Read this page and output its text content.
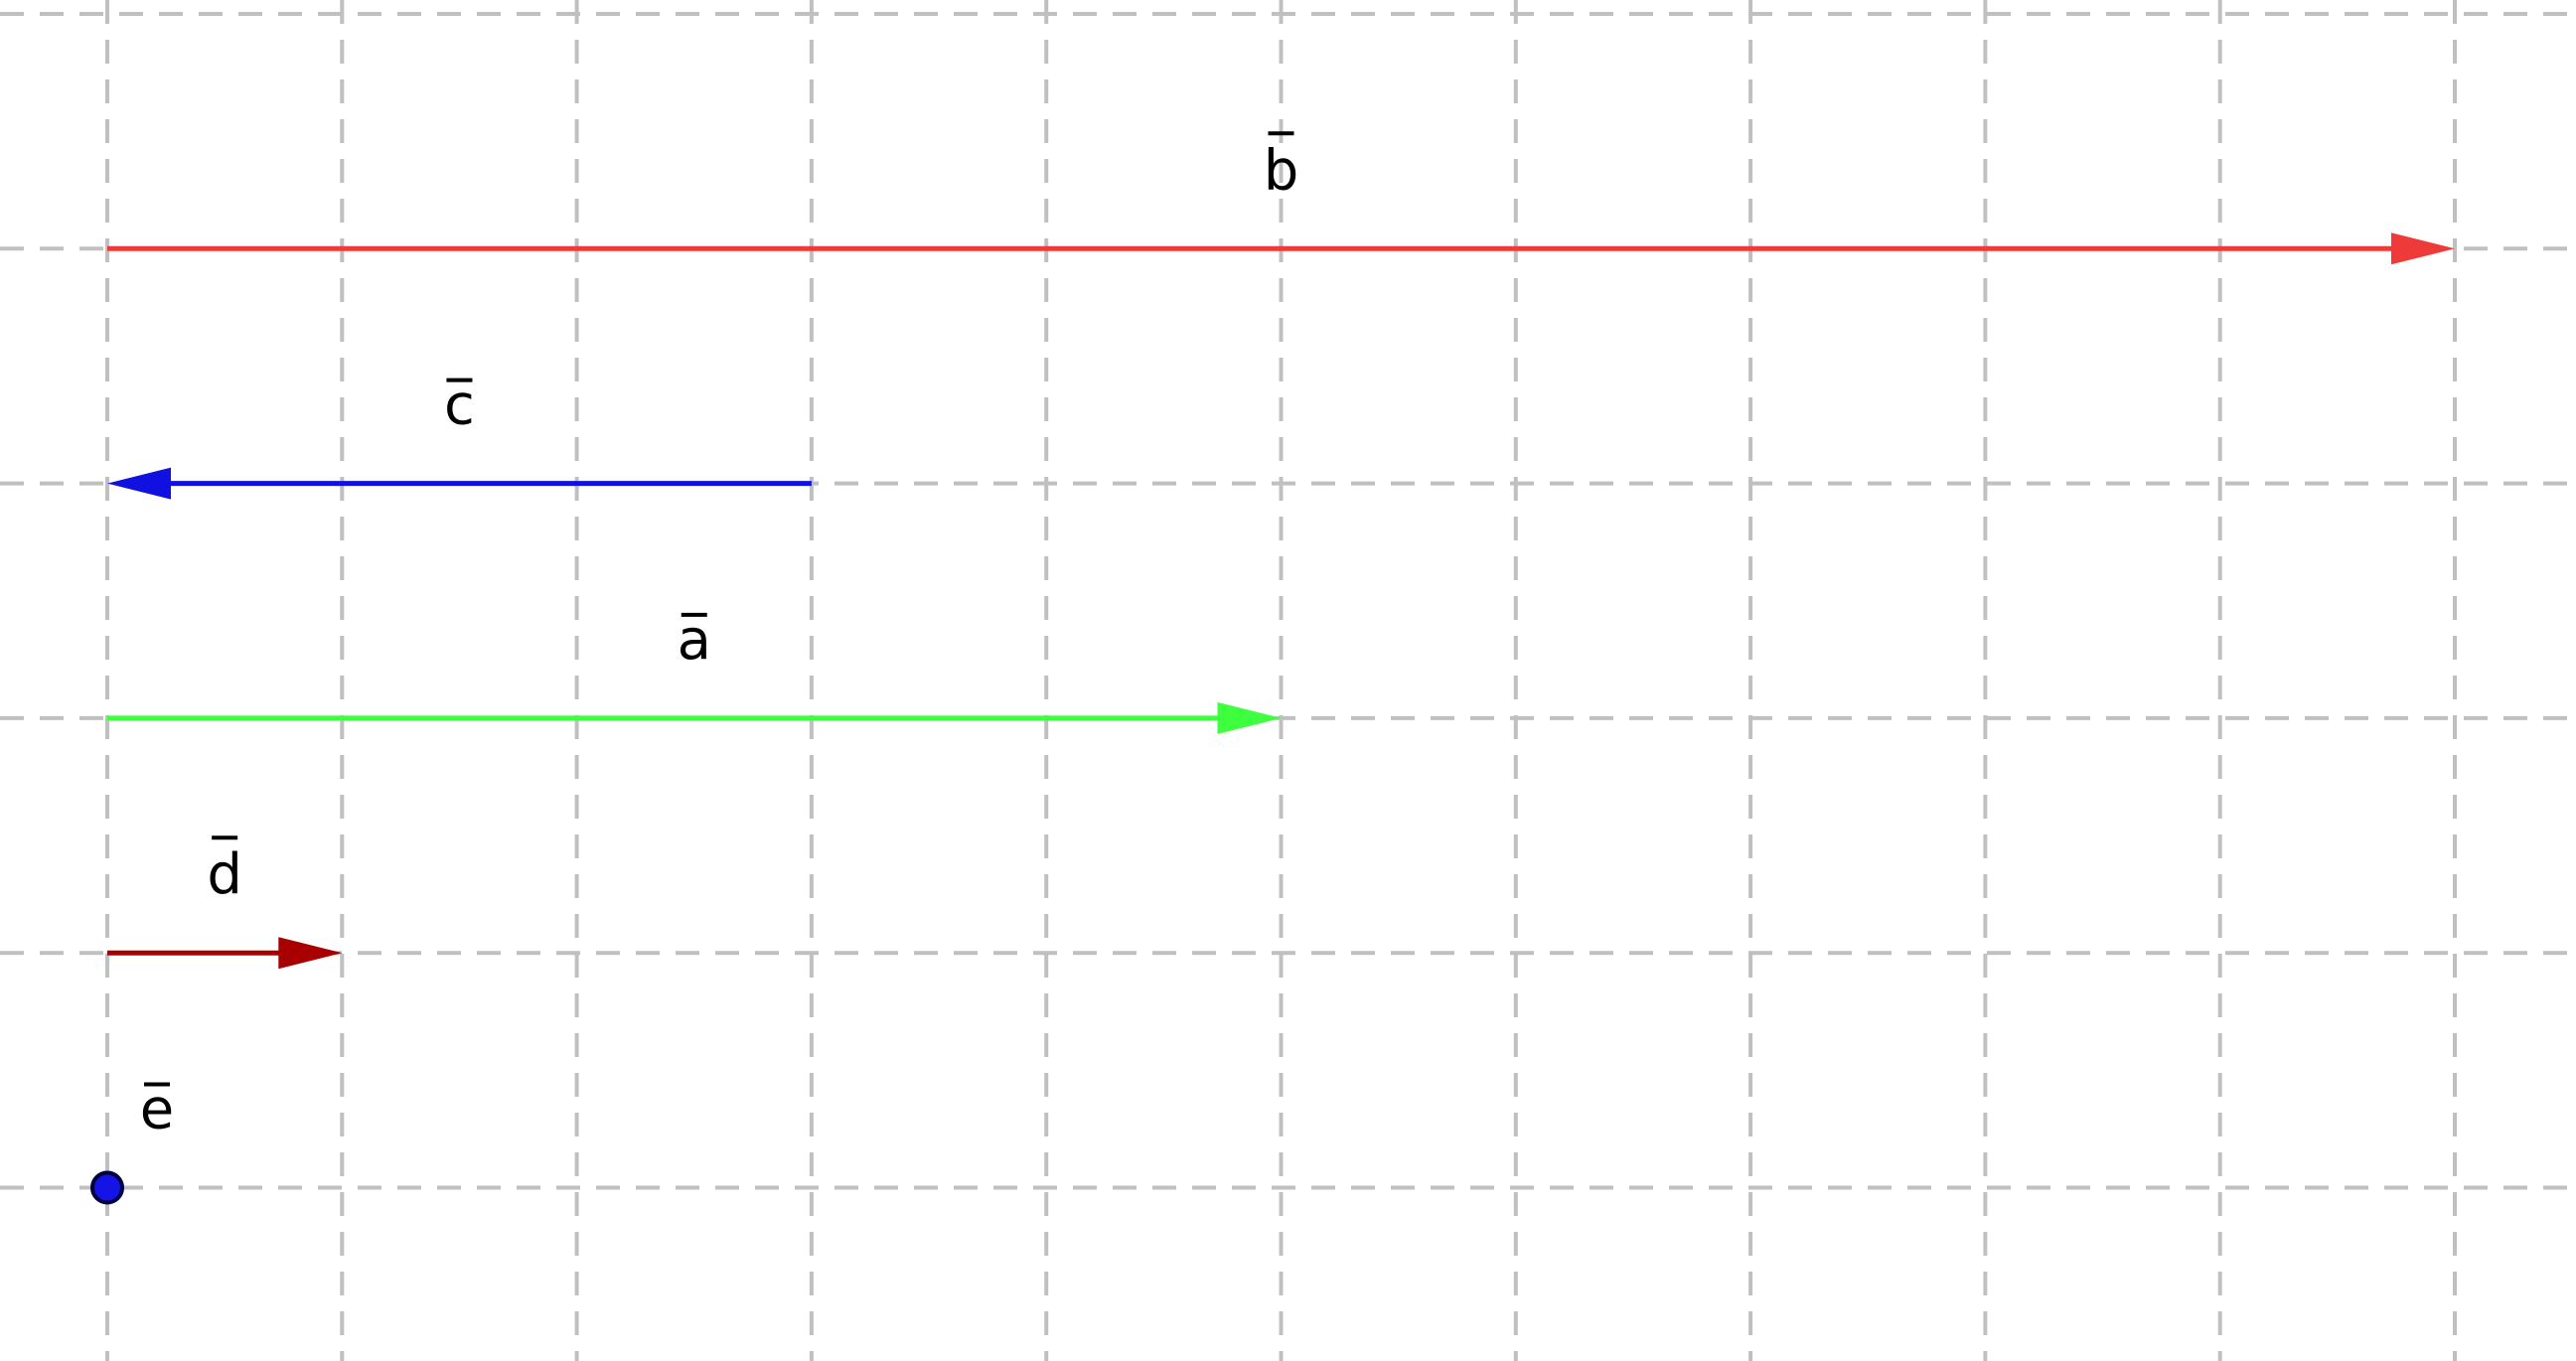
b
c
a
d
e
